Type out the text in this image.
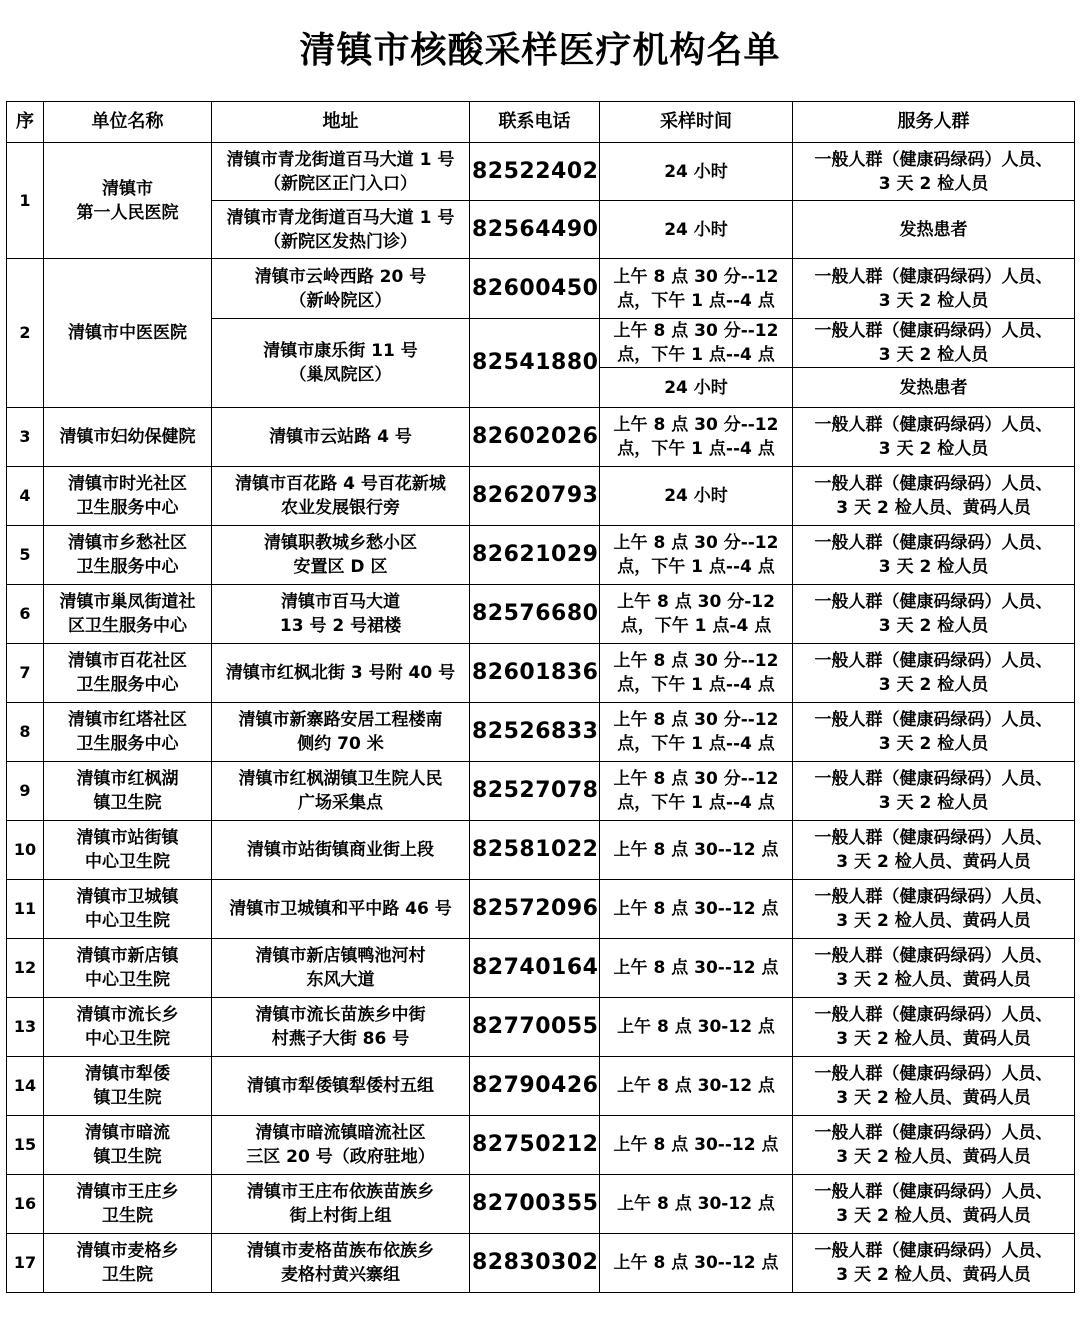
清镇市核酸采样医疗机构名单
序	单位名称	地址	联系电话	采样时间	服务人群
1	清镇市
第一人民医院	清镇市青龙街道百马大道 1 号
（新院区正门入口）	82522402	24 小时	一般人群（健康码绿码）人员、
3 天 2 检人员
		清镇市青龙街道百马大道 1 号
（新院区发热门诊）	82564490	24 小时	发热患者
2	清镇市中医医院	清镇市云岭西路 20 号
（新岭院区）	82600450	上午 8 点 30 分--12
点，下午 1 点--4 点	一般人群（健康码绿码）人员、
3 天 2 检人员
		清镇市康乐街 11 号
（巢凤院区）	82541880	上午 8 点 30 分--12
点，下午 1 点--4 点	一般人群（健康码绿码）人员、
3 天 2 检人员
				24 小时	发热患者
3	清镇市妇幼保健院	清镇市云站路 4 号	82602026	上午 8 点 30 分--12
点，下午 1 点--4 点	一般人群（健康码绿码）人员、
3 天 2 检人员
4	清镇市时光社区
卫生服务中心	清镇市百花路 4 号百花新城
农业发展银行旁	82620793	24 小时	一般人群（健康码绿码）人员、
3 天 2 检人员、黄码人员
5	清镇市乡愁社区
卫生服务中心	清镇职教城乡愁小区
安置区 D 区	82621029	上午 8 点 30 分--12
点，下午 1 点--4 点	一般人群（健康码绿码）人员、
3 天 2 检人员
6	清镇市巢凤街道社
区卫生服务中心	清镇市百马大道
13 号 2 号裙楼	82576680	上午 8 点 30 分-12
点，下午 1 点-4 点	一般人群（健康码绿码）人员、
3 天 2 检人员
7	清镇市百花社区
卫生服务中心	清镇市红枫北街 3 号附 40 号	82601836	上午 8 点 30 分--12
点，下午 1 点--4 点	一般人群（健康码绿码）人员、
3 天 2 检人员
8	清镇市红塔社区
卫生服务中心	清镇市新寨路安居工程楼南
侧约 70 米	82526833	上午 8 点 30 分--12
点，下午 1 点--4 点	一般人群（健康码绿码）人员、
3 天 2 检人员
9	清镇市红枫湖
镇卫生院	清镇市红枫湖镇卫生院人民
广场采集点	82527078	上午 8 点 30 分--12
点，下午 1 点--4 点	一般人群（健康码绿码）人员、
3 天 2 检人员
10	清镇市站街镇
中心卫生院	清镇市站街镇商业街上段	82581022	上午 8 点 30--12 点	一般人群（健康码绿码）人员、
3 天 2 检人员、黄码人员
11	清镇市卫城镇
中心卫生院	清镇市卫城镇和平中路 46 号	82572096	上午 8 点 30--12 点	一般人群（健康码绿码）人员、
3 天 2 检人员、黄码人员
12	清镇市新店镇
中心卫生院	清镇市新店镇鸭池河村
东风大道	82740164	上午 8 点 30--12 点	一般人群（健康码绿码）人员、
3 天 2 检人员、黄码人员
13	清镇市流长乡
中心卫生院	清镇市流长苗族乡中街
村燕子大街 86 号	82770055	上午 8 点 30-12 点	一般人群（健康码绿码）人员、
3 天 2 检人员、黄码人员
14	清镇市犁倭
镇卫生院	清镇市犁倭镇犁倭村五组	82790426	上午 8 点 30-12 点	一般人群（健康码绿码）人员、
3 天 2 检人员、黄码人员
15	清镇市暗流
镇卫生院	清镇市暗流镇暗流社区
三区 20 号（政府驻地）	82750212	上午 8 点 30--12 点	一般人群（健康码绿码）人员、
3 天 2 检人员、黄码人员
16	清镇市王庄乡
卫生院	清镇市王庄布依族苗族乡
街上村街上组	82700355	上午 8 点 30-12 点	一般人群（健康码绿码）人员、
3 天 2 检人员、黄码人员
17	清镇市麦格乡
卫生院	清镇市麦格苗族布依族乡
麦格村黄兴寨组	82830302	上午 8 点 30--12 点	一般人群（健康码绿码）人员、
3 天 2 检人员、黄码人员
